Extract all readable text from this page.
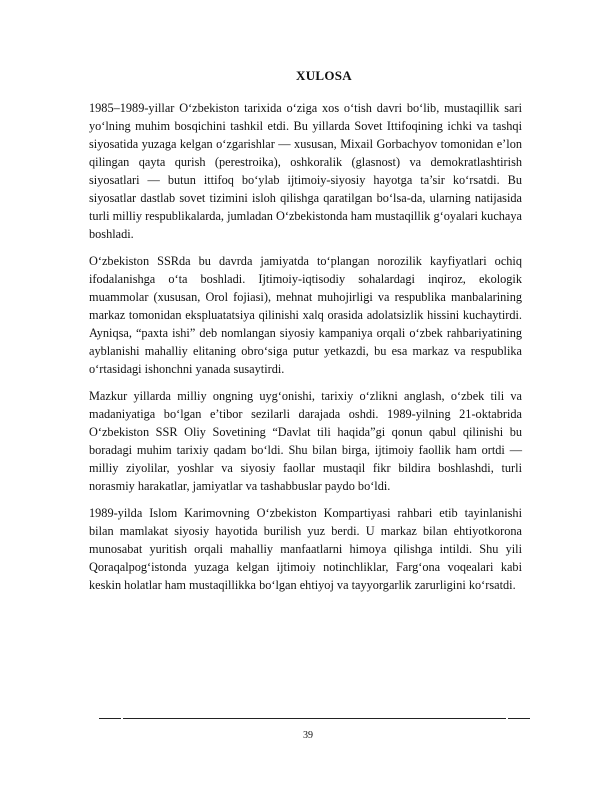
XULOSA

1985–1989-yillar O‘zbekiston tarixida o‘ziga xos o‘tish davri bo‘lib, mustaqillik sari yo‘lning muhim bosqichini tashkil etdi. Bu yillarda Sovet Ittifoqining ichki va tashqi siyosatida yuzaga kelgan o‘zgarishlar — xususan, Mixail Gorbachyov tomonidan e’lon qilingan qayta qurish (perestroika), oshkoralik (glasnost) va demokratlashtirish siyosatlari — butun ittifoq bo‘ylab ijtimoiy-siyosiy hayotga ta’sir ko‘rsatdi. Bu siyosatlar dastlab sovet tizimini isloh qilishga qaratilgan bo‘lsa-da, ularning natijasida turli milliy respublikalarda, jumladan O‘zbekistonda ham mustaqillik g‘oyalari kuchaya boshladi.

O‘zbekiston SSRda bu davrda jamiyatda to‘plangan norozilik kayfiyatlari ochiq ifodalanishga o‘ta boshladi. Ijtimoiy-iqtisodiy sohalardagi inqiroz, ekologik muammolar (xususan, Orol fojiasi), mehnat muhojirligi va respublika manbalarining markaz tomonidan ekspluatatsiya qilinishi xalq orasida adolatsizlik hissini kuchaytirdi. Ayniqsa, “paxta ishi” deb nomlangan siyosiy kampaniya orqali o‘zbek rahbariyatining ayblanishi mahalliy elitaning obro‘siga putur yetkazdi, bu esa markaz va respublika o‘rtasidagi ishonchni yanada susaytirdi.

Mazkur yillarda milliy ongning uyg‘onishi, tarixiy o‘zlikni anglash, o‘zbek tili va madaniyatiga bo‘lgan e’tibor sezilarli darajada oshdi. 1989-yilning 21-oktabrida O‘zbekiston SSR Oliy Sovetining “Davlat tili haqida”gi qonun qabul qilinishi bu boradagi muhim tarixiy qadam bo‘ldi. Shu bilan birga, ijtimoiy faollik ham ortdi — milliy ziyolilar, yoshlar va siyosiy faollar mustaqil fikr bildira boshlashdi, turli norasmiy harakatlar, jamiyatlar va tashabbuslar paydo bo‘ldi.

1989-yilda Islom Karimovning O‘zbekiston Kompartiyasi rahbari etib tayinlanishi bilan mamlakat siyosiy hayotida burilish yuz berdi. U markaz bilan ehtiyotkorona munosabat yuritish orqali mahalliy manfaatlarni himoya qilishga intildi. Shu yili Qoraqalpog‘istonda yuzaga kelgan ijtimoiy notinchliklar, Farg‘ona voqealari kabi keskin holatlar ham mustaqillikka bo‘lgan ehtiyoj va tayyorgarlik zarurligini ko‘rsatdi.

39
